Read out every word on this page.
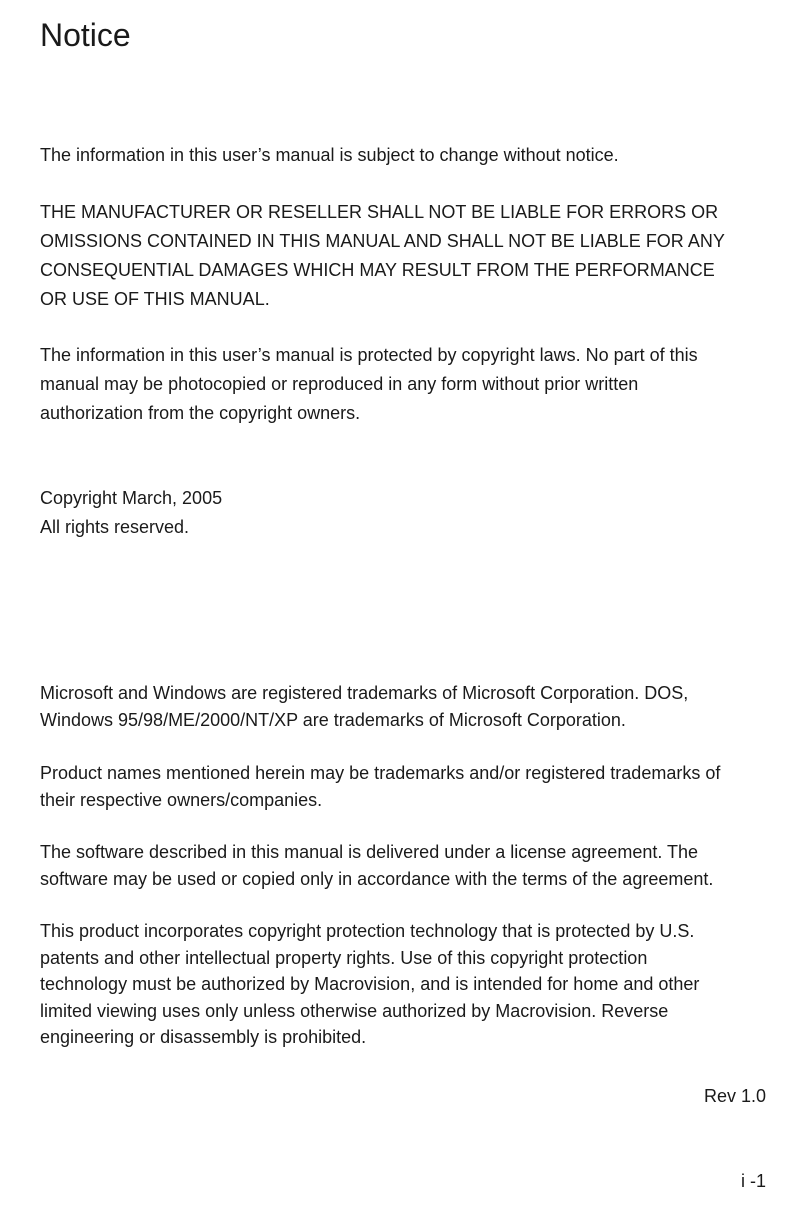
Notice

The information in this user’s manual is subject to change without notice.

THE MANUFACTURER OR RESELLER SHALL NOT BE LIABLE FOR ERRORS OR
OMISSIONS CONTAINED IN THIS MANUAL AND SHALL NOT BE LIABLE FOR ANY
CONSEQUENTIAL DAMAGES WHICH MAY RESULT FROM THE PERFORMANCE
OR USE OF THIS MANUAL.

The information in this user’s manual is protected by copyright laws. No part of this
manual may be photocopied or reproduced in any form without prior written
authorization from the copyright owners.

Copyright March, 2005
All rights reserved.

Microsoft and Windows are registered trademarks of Microsoft Corporation. DOS,
Windows 95/98/ME/2000/NT/XP are trademarks of Microsoft Corporation.

Product names mentioned herein may be trademarks and/or registered trademarks of
their respective owners/companies.

The software described in this manual is delivered under a license agreement. The
software may be used or copied only in accordance with the terms of the agreement.

This product incorporates copyright protection technology that is protected by U.S.
patents and other intellectual property rights. Use of this copyright protection
technology must be authorized by Macrovision, and is intended for home and other
limited viewing uses only unless otherwise authorized by Macrovision. Reverse
engineering or disassembly is prohibited.

Rev 1.0

i -1
